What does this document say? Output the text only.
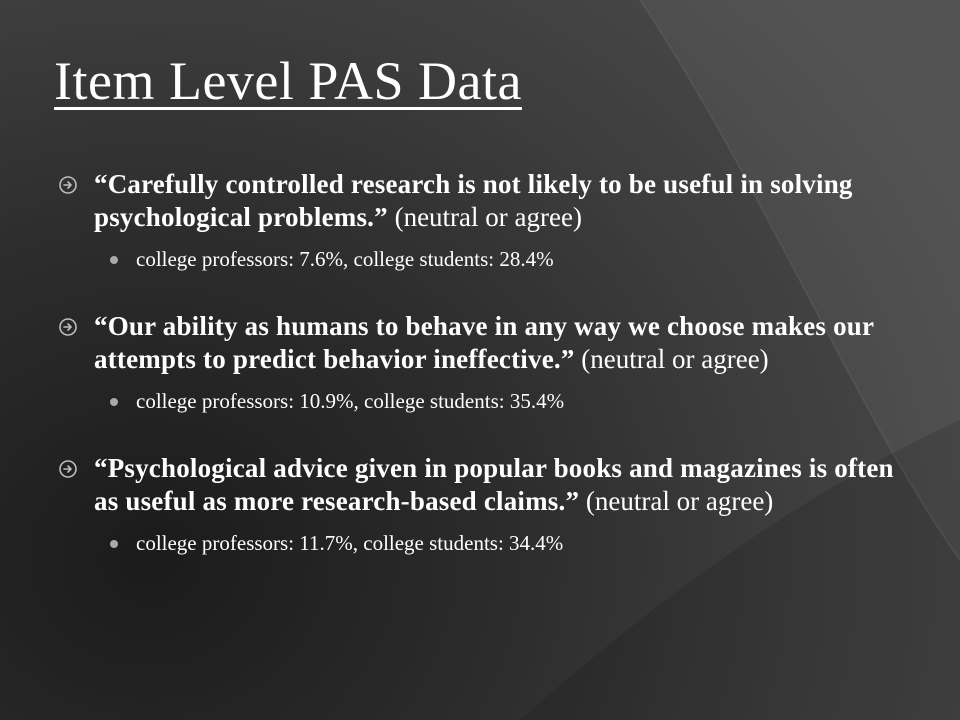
Item Level PAS Data
“Carefully controlled research is not likely to be useful in solving psychological problems.” (neutral or agree)
college professors: 7.6%, college students: 28.4%
“Our ability as humans to behave in any way we choose makes our attempts to predict behavior ineffective.” (neutral or agree)
college professors: 10.9%, college students: 35.4%
“Psychological advice given in popular books and magazines is often as useful as more research-based claims.” (neutral or agree)
college professors: 11.7%, college students: 34.4%
